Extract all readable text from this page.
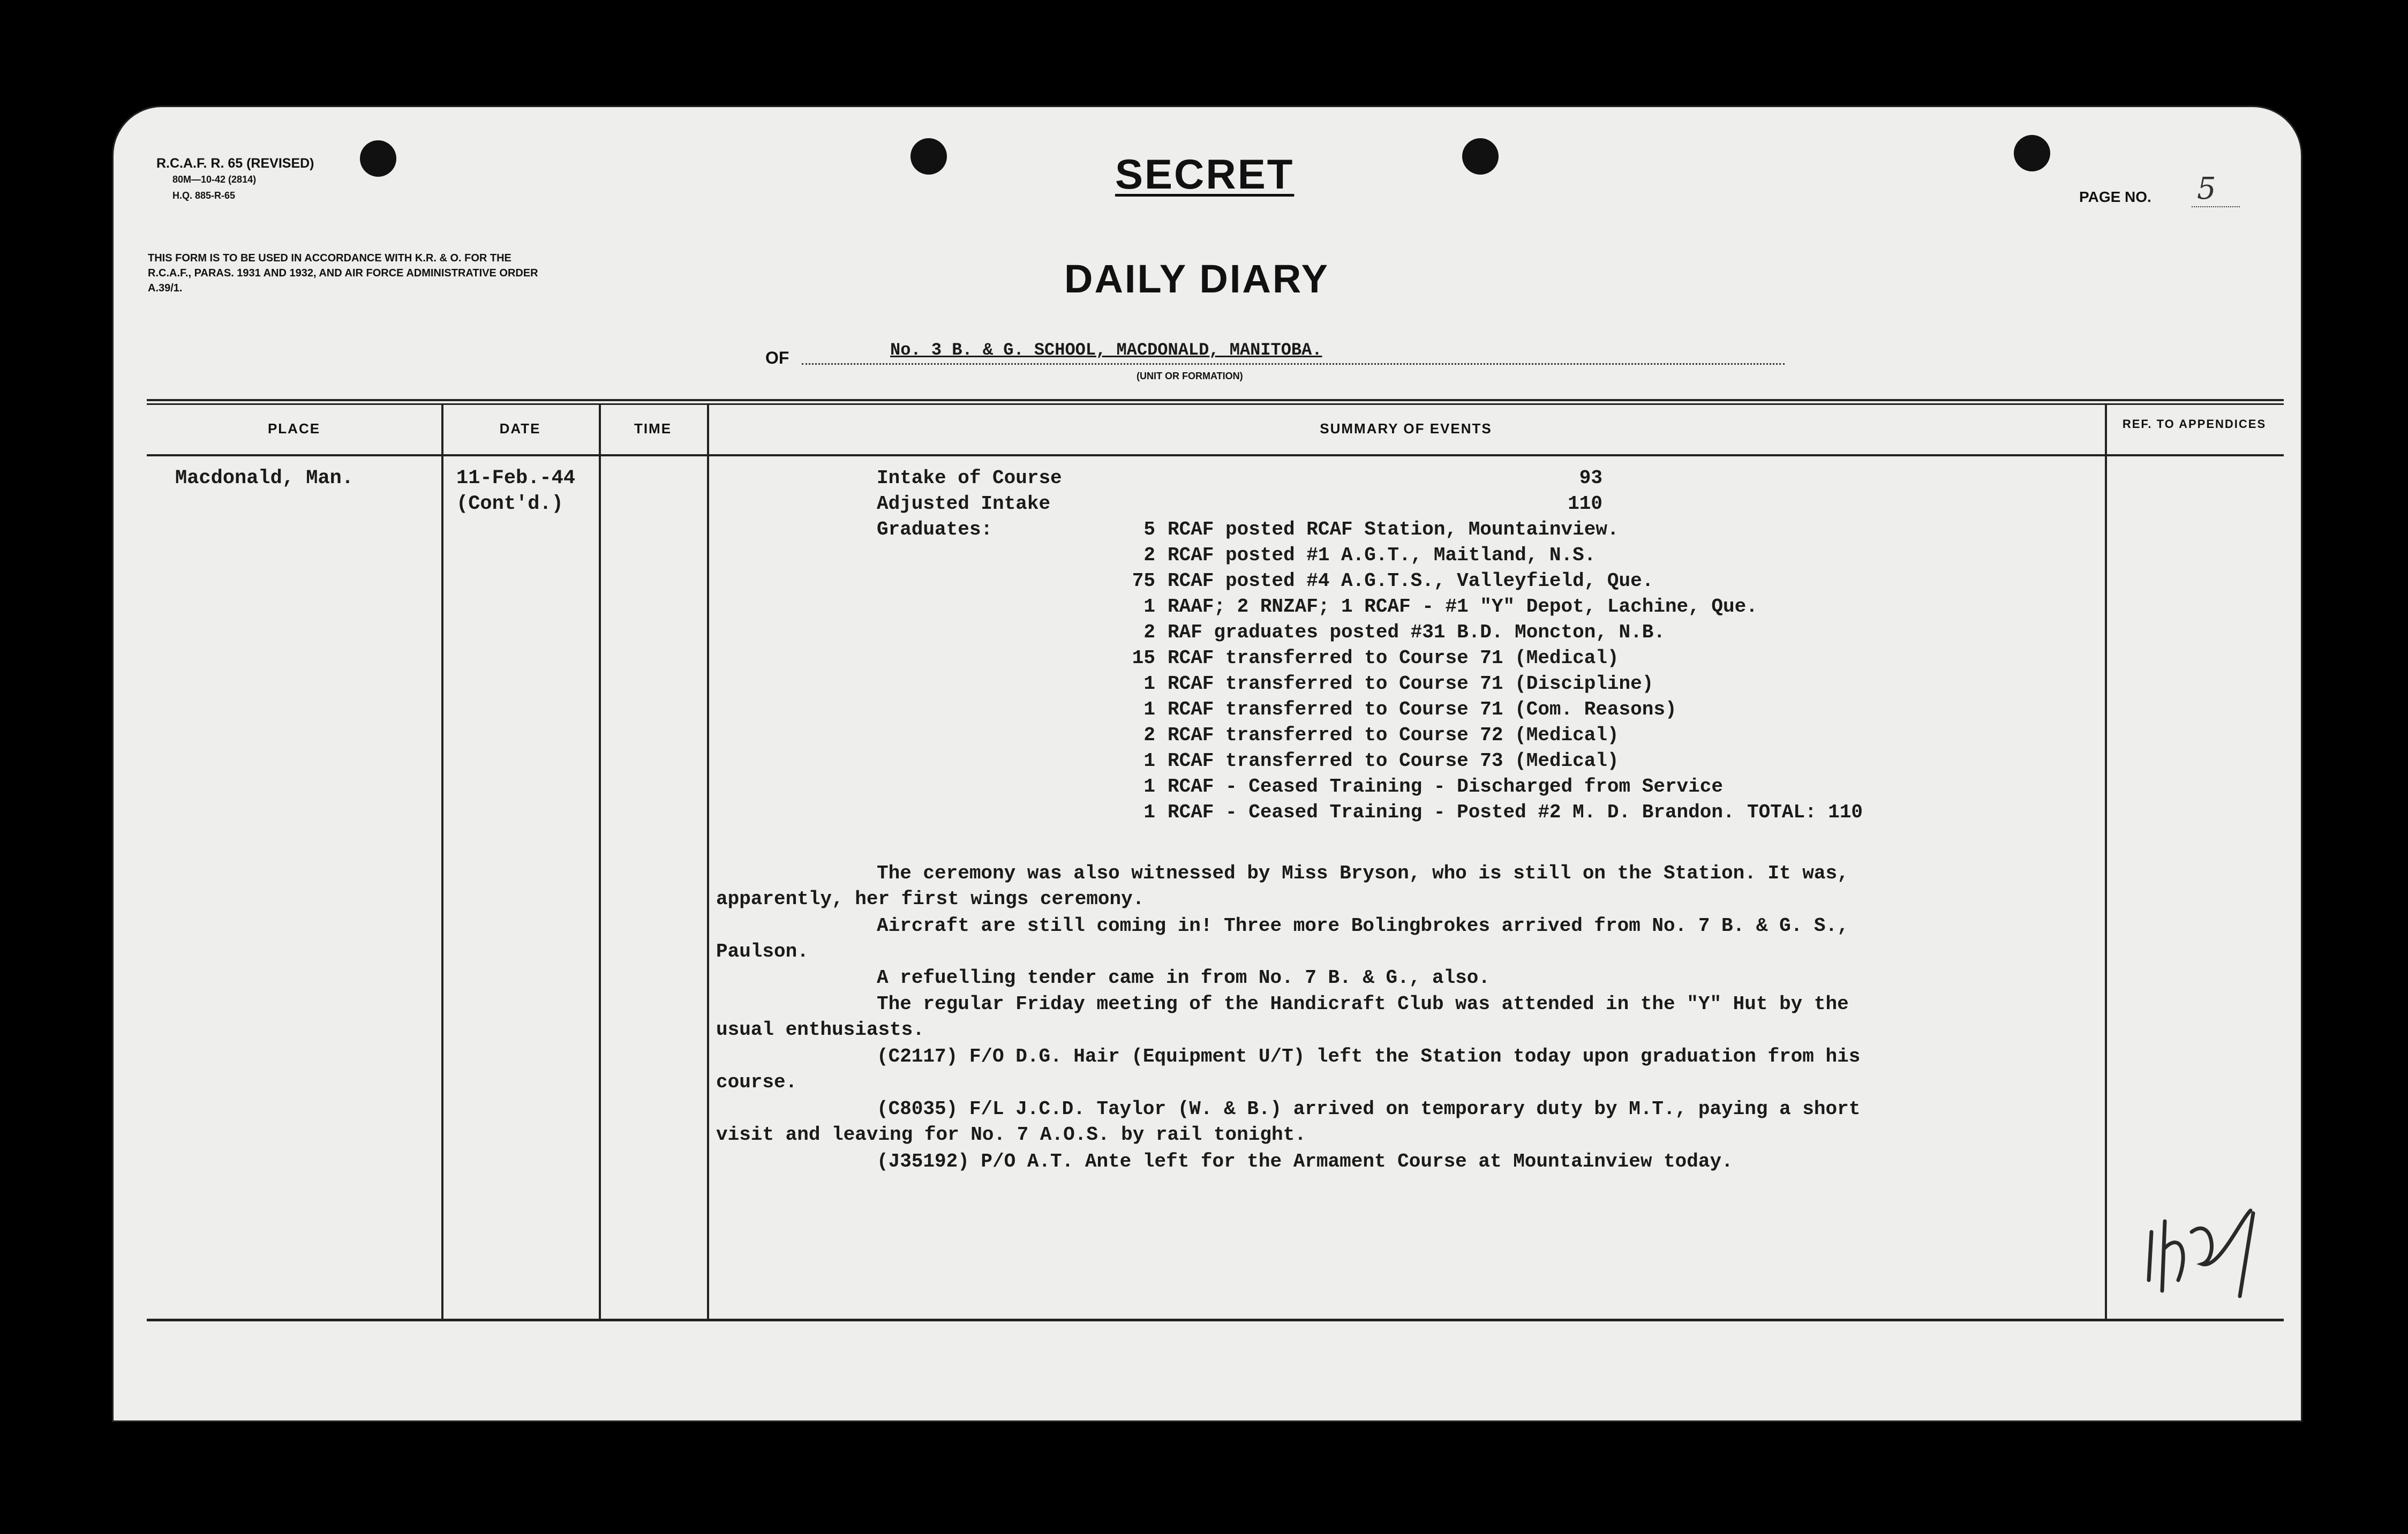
R.C.A.F. R. 65 (REVISED)
80M—10-42 (2814)
H.Q. 885-R-65	SECRET	PAGE NO. 5
THIS FORM IS TO BE USED IN ACCORDANCE WITH K.R. & O. FOR THE R.C.A.F., PARAS. 1931 AND 1932, AND AIR FORCE ADMINISTRATIVE ORDER A.39/1.	DAILY DIARY
OF	No. 3 B. & G. SCHOOL, MACDONALD, MANITOBA.
(UNIT OR FORMATION)
PLACE	DATE	TIME	SUMMARY OF EVENTS	REF. TO APPENDICES
Macdonald, Man.	11-Feb.-44
(Cont'd.)
Intake of Course	93
Adjusted Intake	110
Graduates:	5 RCAF posted RCAF Station, Mountainview.
2 RCAF posted #1 A.G.T., Maitland, N.S.
75 RCAF posted #4 A.G.T.S., Valleyfield, Que.
1 RAAF; 2 RNZAF; 1 RCAF - #1 "Y" Depot, Lachine, Que.
2 RAF graduates posted #31 B.D. Moncton, N.B.
15 RCAF transferred to Course 71 (Medical)
1 RCAF transferred to Course 71 (Discipline)
1 RCAF transferred to Course 71 (Com. Reasons)
2 RCAF transferred to Course 72 (Medical)
1 RCAF transferred to Course 73 (Medical)
1 RCAF - Ceased Training - Discharged from Service
1 RCAF - Ceased Training - Posted #2 M. D. Brandon. TOTAL: 110
The ceremony was also witnessed by Miss Bryson, who is still on the Station. It was,
apparently, her first wings ceremony.
Aircraft are still coming in! Three more Bolingbrokes arrived from No. 7 B. & G. S.,
Paulson.
A refuelling tender came in from No. 7 B. & G., also.
The regular Friday meeting of the Handicraft Club was attended in the "Y" Hut by the
usual enthusiasts.
(C2117) F/O D.G. Hair (Equipment U/T) left the Station today upon graduation from his
course.
(C8035) F/L J.C.D. Taylor (W. & B.) arrived on temporary duty by M.T., paying a short
visit and leaving for No. 7 A.O.S. by rail tonight.
(J35192) P/O A.T. Ante left for the Armament Course at Mountainview today.
